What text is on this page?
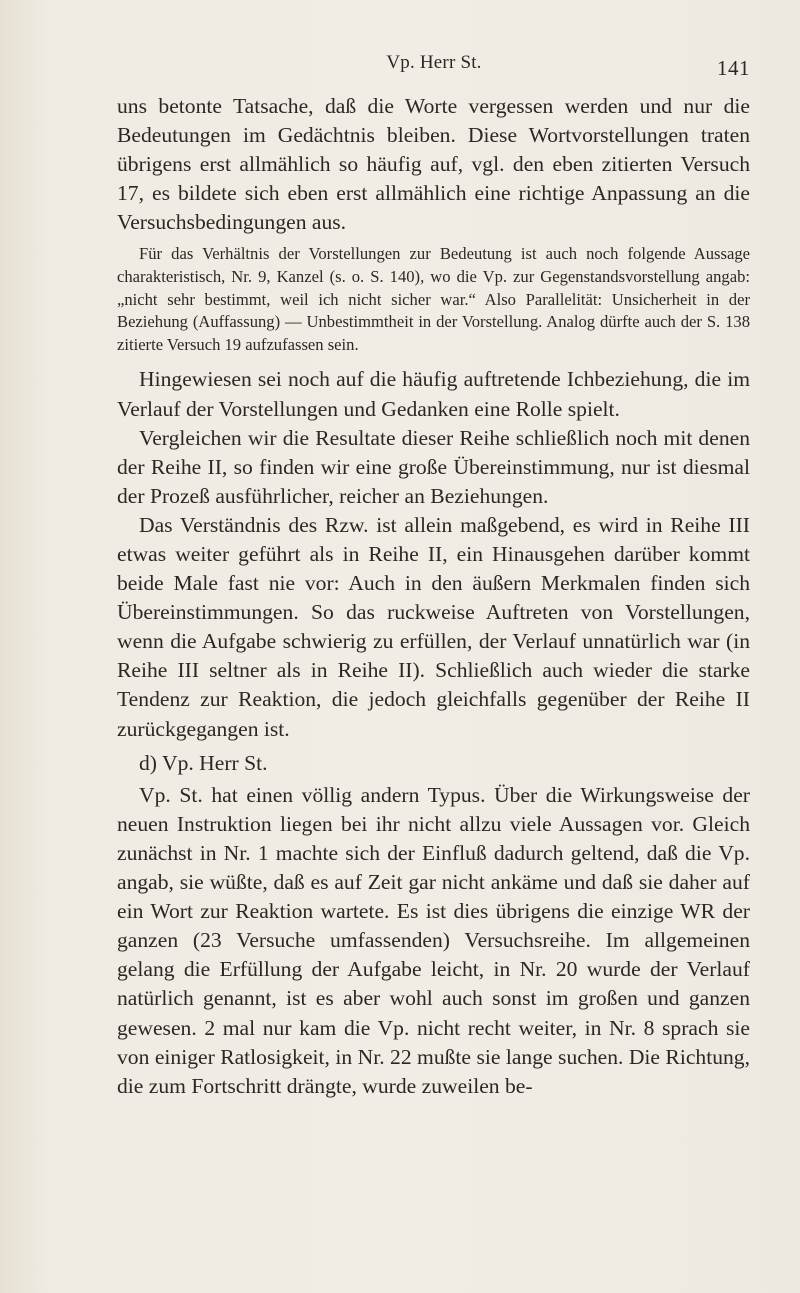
Vp. Herr St.	141

uns betonte Tatsache, daß die Worte vergessen werden und nur die Bedeutungen im Gedächtnis bleiben. Diese Wortvorstellungen traten übrigens erst allmählich so häufig auf, vgl. den eben zitierten Versuch 17, es bildete sich eben erst allmählich eine richtige Anpassung an die Versuchsbedingungen aus.

Für das Verhältnis der Vorstellungen zur Bedeutung ist auch noch folgende Aussage charakteristisch, Nr. 9, Kanzel (s. o. S. 140), wo die Vp. zur Gegenstandsvorstellung angab: „nicht sehr bestimmt, weil ich nicht sicher war.“ Also Parallelität: Unsicherheit in der Beziehung (Auffassung) — Unbestimmtheit in der Vorstellung. Analog dürfte auch der S. 138 zitierte Versuch 19 aufzufassen sein.

Hingewiesen sei noch auf die häufig auftretende Ichbeziehung, die im Verlauf der Vorstellungen und Gedanken eine Rolle spielt.

Vergleichen wir die Resultate dieser Reihe schließlich noch mit denen der Reihe II, so finden wir eine große Übereinstimmung, nur ist diesmal der Prozeß ausführlicher, reicher an Beziehungen.

Das Verständnis des Rzw. ist allein maßgebend, es wird in Reihe III etwas weiter geführt als in Reihe II, ein Hinausgehen darüber kommt beide Male fast nie vor: Auch in den äußern Merkmalen finden sich Übereinstimmungen. So das ruckweise Auftreten von Vorstellungen, wenn die Aufgabe schwierig zu erfüllen, der Verlauf unnatürlich war (in Reihe III seltner als in Reihe II). Schließlich auch wieder die starke Tendenz zur Reaktion, die jedoch gleichfalls gegenüber der Reihe II zurückgegangen ist.

d) Vp. Herr St.

Vp. St. hat einen völlig andern Typus. Über die Wirkungsweise der neuen Instruktion liegen bei ihr nicht allzu viele Aussagen vor. Gleich zunächst in Nr. 1 machte sich der Einfluß dadurch geltend, daß die Vp. angab, sie wüßte, daß es auf Zeit gar nicht ankäme und daß sie daher auf ein Wort zur Reaktion wartete. Es ist dies übrigens die einzige WR der ganzen (23 Versuche umfassenden) Versuchsreihe. Im allgemeinen gelang die Erfüllung der Aufgabe leicht, in Nr. 20 wurde der Verlauf natürlich genannt, ist es aber wohl auch sonst im großen und ganzen gewesen. 2 mal nur kam die Vp. nicht recht weiter, in Nr. 8 sprach sie von einiger Ratlosigkeit, in Nr. 22 mußte sie lange suchen. Die Richtung, die zum Fortschritt drängte, wurde zuweilen be-
